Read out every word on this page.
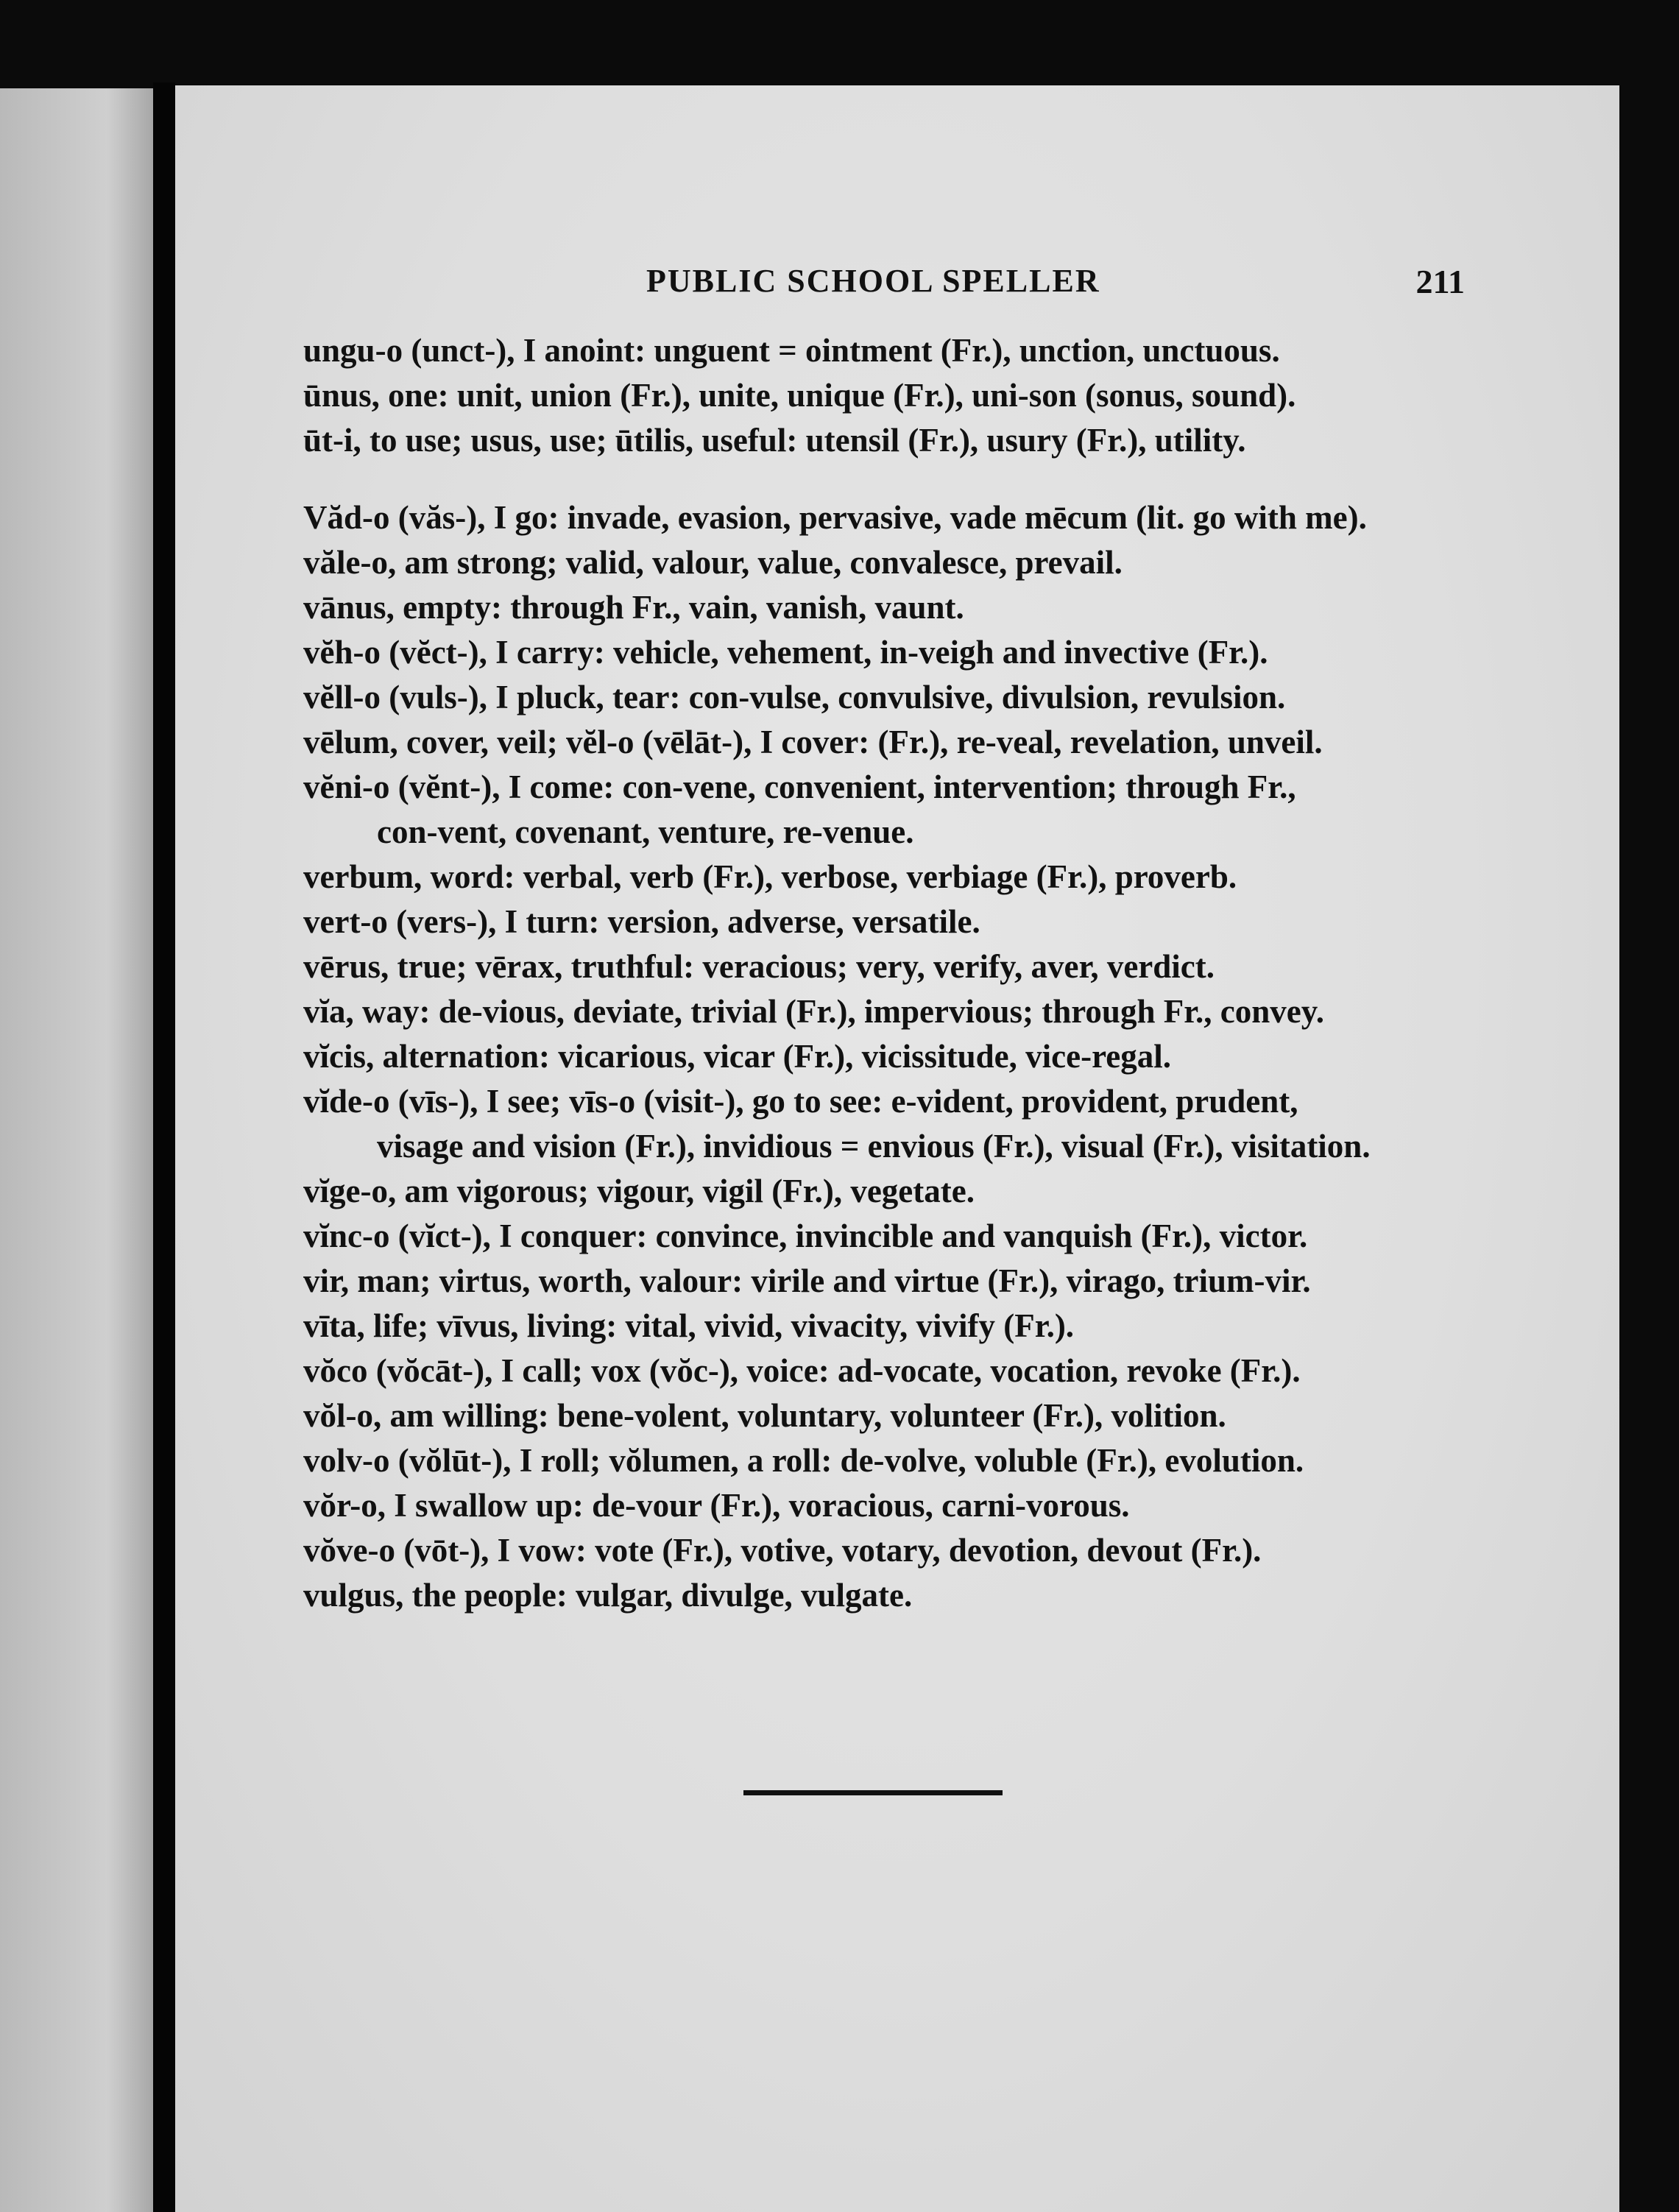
PUBLIC SCHOOL SPELLER	211
ungu-o (unct-), I anoint: unguent = ointment (Fr.), unction, unctuous.
ūnus, one: unit, union (Fr.), unite, unique (Fr.), uni-son (sonus, sound).
ūt-i, to use; usus, use; ūtilis, useful: utensil (Fr.), usury (Fr.), utility.
Văd-o (văs-), I go: invade, evasion, pervasive, vade mēcum (lit. go with me).
văle-o, am strong; valid, valour, value, convalesce, prevail.
vānus, empty: through Fr., vain, vanish, vaunt.
vĕh-o (vĕct-), I carry: vehicle, vehement, in-veigh and invective (Fr.).
vĕll-o (vuls-), I pluck, tear: con-vulse, convulsive, divulsion, revulsion.
vēlum, cover, veil; vĕl-o (vēlāt-), I cover: (Fr.), re-veal, revelation, unveil.
vĕni-o (vĕnt-), I come: con-vene, convenient, intervention; through Fr.,
con-vent, covenant, venture, re-venue.
verbum, word: verbal, verb (Fr.), verbose, verbiage (Fr.), proverb.
vert-o (vers-), I turn: version, adverse, versatile.
vērus, true; vērax, truthful: veracious; very, verify, aver, verdict.
vĭa, way: de-vious, deviate, trivial (Fr.), impervious; through Fr., convey.
vĭcis, alternation: vicarious, vicar (Fr.), vicissitude, vice-regal.
vĭde-o (vīs-), I see; vīs-o (visit-), go to see: e-vident, provident, prudent,
visage and vision (Fr.), invidious = envious (Fr.), visual (Fr.), visitation.
vĭge-o, am vigorous; vigour, vigil (Fr.), vegetate.
vĭnc-o (vĭct-), I conquer: convince, invincible and vanquish (Fr.), victor.
vir, man; virtus, worth, valour: virile and virtue (Fr.), virago, trium-vir.
vīta, life; vīvus, living: vital, vivid, vivacity, vivify (Fr.).
vŏco (vŏcāt-), I call; vox (vŏc-), voice: ad-vocate, vocation, revoke (Fr.).
vŏl-o, am willing: bene-volent, voluntary, volunteer (Fr.), volition.
volv-o (vŏlūt-), I roll; vŏlumen, a roll: de-volve, voluble (Fr.), evolution.
vŏr-o, I swallow up: de-vour (Fr.), voracious, carni-vorous.
vŏve-o (vōt-), I vow: vote (Fr.), votive, votary, devotion, devout (Fr.).
vulgus, the people: vulgar, divulge, vulgate.
